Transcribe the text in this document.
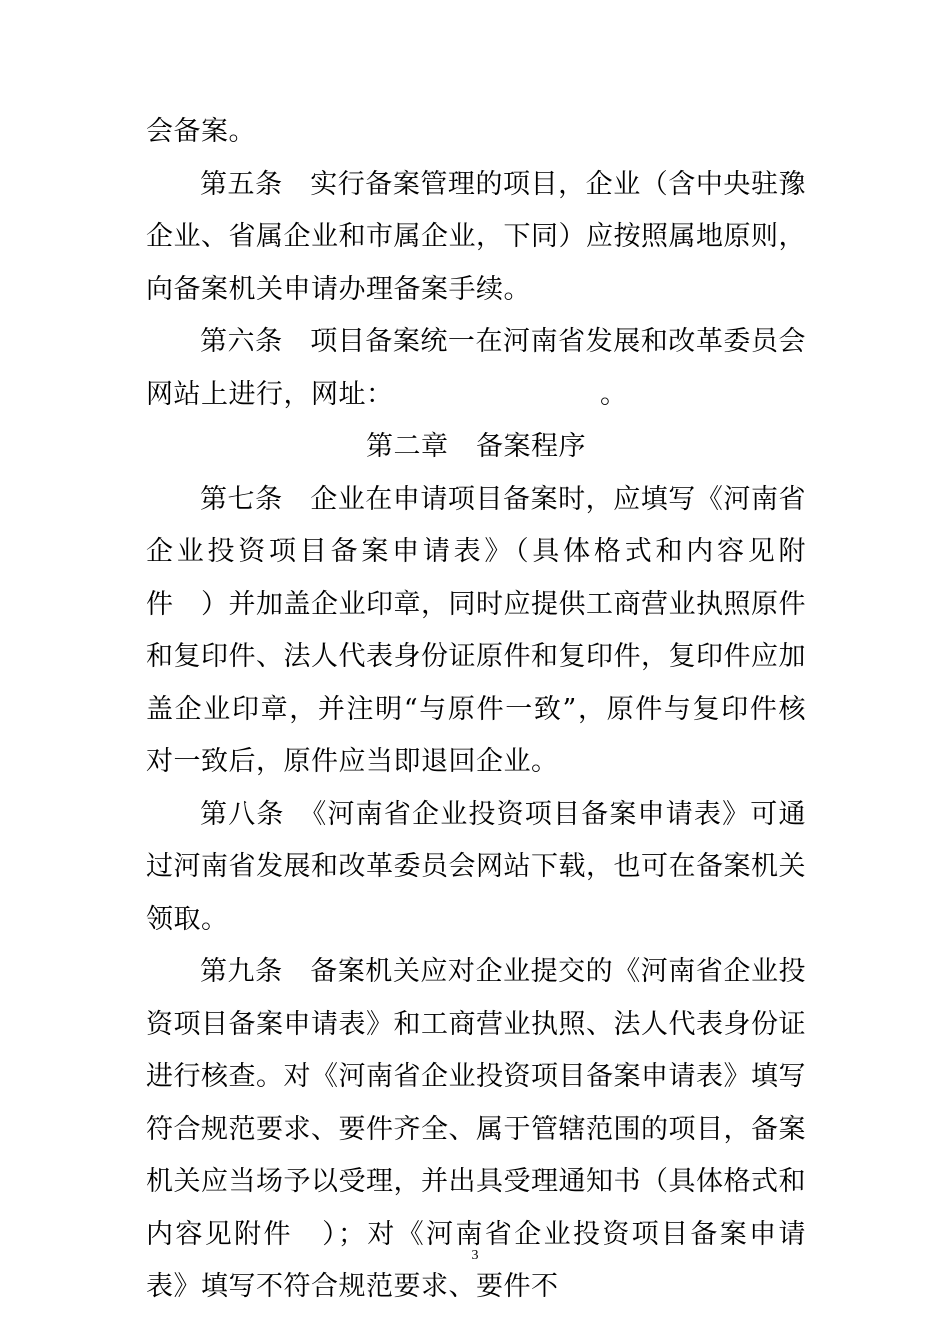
会备案。

第五条　实行备案管理的项目，企业（含中央驻豫企业、省属企业和市属企业，下同）应按照属地原则，向备案机关申请办理备案手续。

第六条　项目备案统一在河南省发展和改革委员会网站上进行，网址：　　　　　　　　。

第二章　备案程序

第七条　企业在申请项目备案时，应填写《河南省企业投资项目备案申请表》（具体格式和内容见附件　）并加盖企业印章，同时应提供工商营业执照原件和复印件、法人代表身份证原件和复印件，复印件应加盖企业印章，并注明“与原件一致”，原件与复印件核对一致后，原件应当即退回企业。

第八条　《河南省企业投资项目备案申请表》可通过河南省发展和改革委员会网站下载，也可在备案机关领取。

第九条　备案机关应对企业提交的《河南省企业投资项目备案申请表》和工商营业执照、法人代表身份证进行核查。对《河南省企业投资项目备案申请表》填写符合规范要求、要件齐全、属于管辖范围的项目，备案机关应当场予以受理，并出具受理通知书（具体格式和内容见附件　）；对《河南省企业投资项目备案申请表》填写不符合规范要求、要件不

3
